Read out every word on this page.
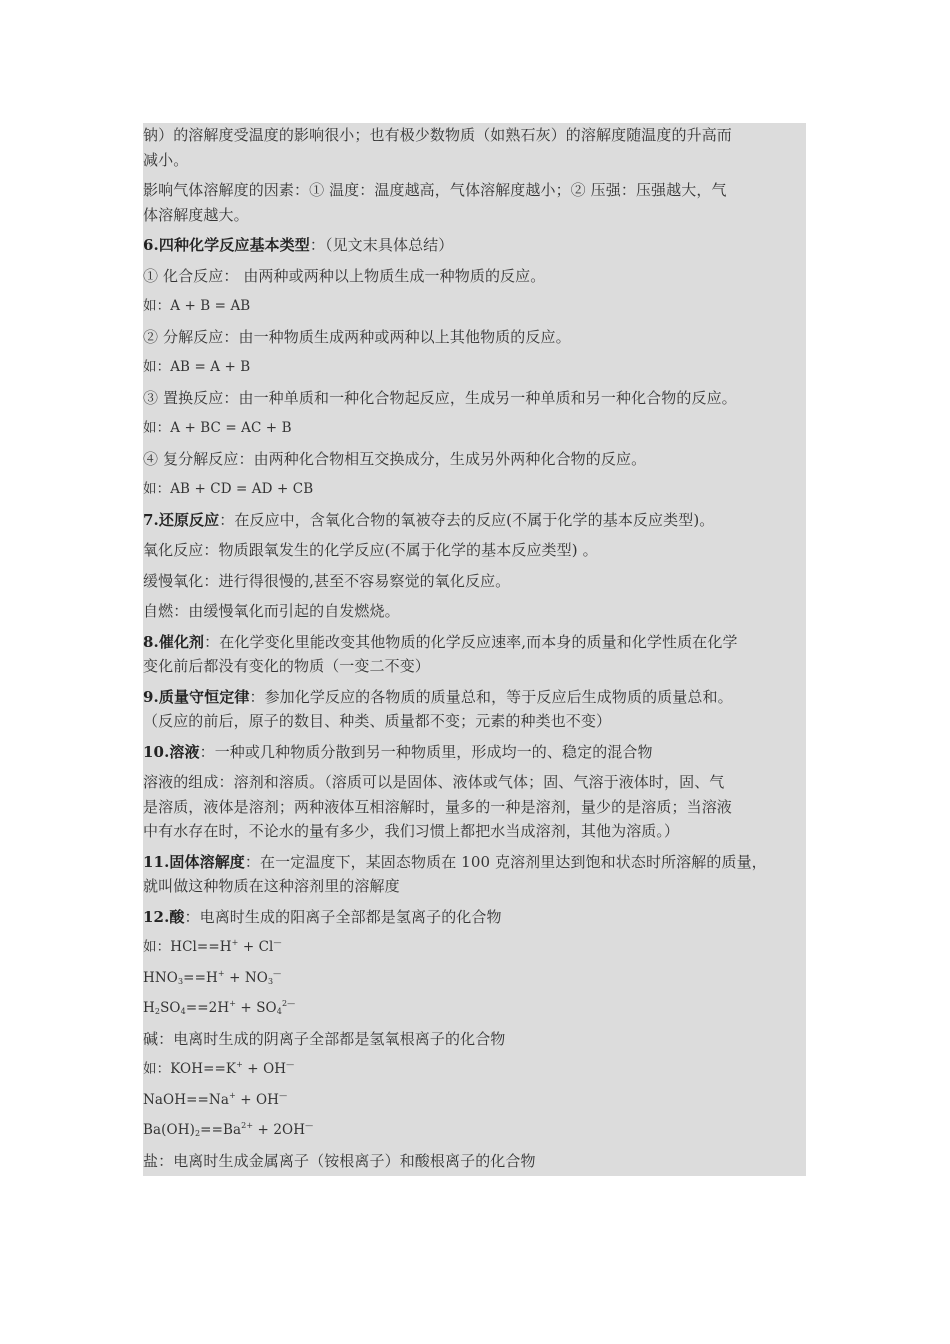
钠）的溶解度受温度的影响很小；也有极少数物质（如熟石灰）的溶解度随温度的升高而
减小。
影响气体溶解度的因素：① 温度：温度越高，气体溶解度越小；② 压强：压强越大，气
体溶解度越大。
6.四种化学反应基本类型：（见文末具体总结）
① 化合反应： 由两种或两种以上物质生成一种物质的反应。
如：A + B = AB
② 分解反应：由一种物质生成两种或两种以上其他物质的反应。
如：AB = A + B
③ 置换反应：由一种单质和一种化合物起反应，生成另一种单质和另一种化合物的反应。
如：A + BC = AC + B
④ 复分解反应：由两种化合物相互交换成分，生成另外两种化合物的反应。
如：AB + CD = AD + CB
7.还原反应：在反应中，含氧化合物的氧被夺去的反应(不属于化学的基本反应类型)。
氧化反应：物质跟氧发生的化学反应(不属于化学的基本反应类型) 。
缓慢氧化：进行得很慢的,甚至不容易察觉的氧化反应。
自燃：由缓慢氧化而引起的自发燃烧。
8.催化剂：在化学变化里能改变其他物质的化学反应速率,而本身的质量和化学性质在化学
变化前后都没有变化的物质（一变二不变）
9.质量守恒定律：参加化学反应的各物质的质量总和，等于反应后生成物质的质量总和。
（反应的前后，原子的数目、种类、质量都不变；元素的种类也不变）
10.溶液：一种或几种物质分散到另一种物质里，形成均一的、稳定的混合物
溶液的组成：溶剂和溶质。（溶质可以是固体、液体或气体；固、气溶于液体时，固、气
是溶质，液体是溶剂；两种液体互相溶解时，量多的一种是溶剂，量少的是溶质；当溶液
中有水存在时，不论水的量有多少，我们习惯上都把水当成溶剂，其他为溶质。）
11.固体溶解度：在一定温度下，某固态物质在 100 克溶剂里达到饱和状态时所溶解的质量，
就叫做这种物质在这种溶剂里的溶解度
12.酸：电离时生成的阳离子全部都是氢离子的化合物
如：HCl==H+ + Cl—
$HNO_3==H^+ + NO_3^—$
$H_2SO_4==2H^+ + SO_4^{2—}$
碱：电离时生成的阴离子全部都是氢氧根离子的化合物
如：KOH==K+ + OH—
NaOH==Na+ + OH—
$Ba(OH)_2==Ba^{2+} + 2OH^—$
盐：电离时生成金属离子（铵根离子）和酸根离子的化合物
